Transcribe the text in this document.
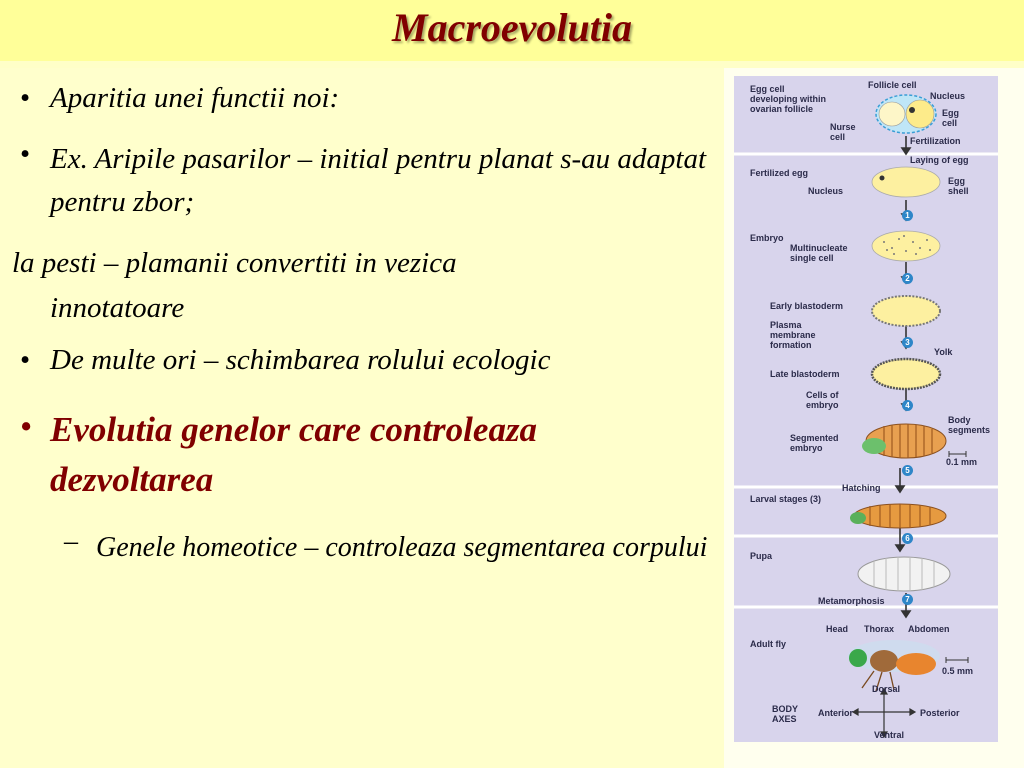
Macroevolutia
• Aparitia unei functii noi:
• Ex. Aripile pasarilor – initial pentru planat s-au adaptat pentru zbor;
la pesti – plamanii convertiti in vezica
innotatoare
• De multe ori – schimbarea rolului ecologic
• Evolutia genelor care controleaza dezvoltarea
– Genele homeotice – controleaza segmentarea corpului
Egg cell
developing within
ovarian follicle
Follicle cell
Nucleus
Egg
cell
Nurse
cell	Fertilization
Laying of egg
Fertilized egg
Nucleus
Egg
shell
Embryo
Multinucleate
single cell
Early blastoderm
Plasma
membrane
formation
Yolk
Late blastoderm
Cells of
embryo
Body
segments
Segmented
embryo
0.1 mm
Hatching
Larval stages (3)
Pupa
Metamorphosis
Adult fly
Head Thorax Abdomen
0.5 mm
Dorsal
BODY
AXES
Anterior	Posterior
Ventral
1
2
3
4
5
6
7
